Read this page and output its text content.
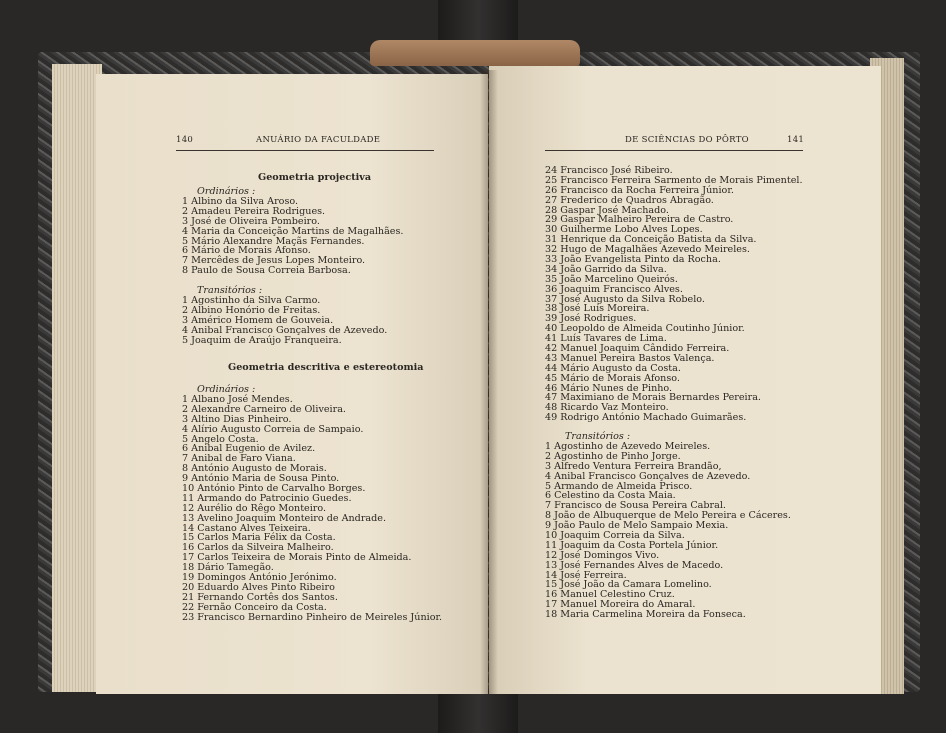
140	ANUÁRIO DA FACULDADE
Geometria projectiva
Ordinários :
1 Albino da Silva Aroso.
2 Amadeu Pereira Rodrigues.
3 José de Oliveira Pombeiro.
4 Maria da Conceição Martins de Magalhães.
5 Mário Alexandre Maçãs Fernandes.
6 Mário de Morais Afonso.
7 Mercêdes de Jesus Lopes Monteiro.
8 Paulo de Sousa Correia Barbosa.
Transitórios :
1 Agostinho da Silva Carmo.
2 Albino Honório de Freitas.
3 Américo Homem de Gouveia.
4 Anibal Francisco Gonçalves de Azevedo.
5 Joaquim de Araújo Franqueira.
Geometria descritiva e estereotomia
Ordinários :
1 Albano José Mendes.
2 Alexandre Carneiro de Oliveira.
3 Altino Dias Pinheiro.
4 Alírio Augusto Correia de Sampaio.
5 Angelo Costa.
6 Anibal Eugenio de Avilez.
7 Anibal de Faro Viana.
8 António Augusto de Morais.
9 António Maria de Sousa Pinto.
10 António Pinto de Carvalho Borges.
11 Armando do Patrocinio Guedes.
12 Aurélio do Rêgo Monteiro.
13 Avelino Joaquim Monteiro de Andrade.
14 Castano Alves Teixeira.
15 Carlos Maria Félix da Costa.
16 Carlos da Silveira Malheiro.
17 Carlos Teixeira de Morais Pinto de Almeida.
18 Dário Tamegão.
19 Domingos António Jerónimo.
20 Eduardo Alves Pinto Ribeiro
21 Fernando Cortês dos Santos.
22 Fernão Conceiro da Costa.
23 Francisco Bernardino Pinheiro de Meireles Júnior.
DE SCIÊNCIAS DO PÔRTO	141
24 Francisco José Ribeiro.
25 Francisco Ferreira Sarmento de Morais Pimentel.
26 Francisco da Rocha Ferreira Júnior.
27 Frederico de Quadros Abragão.
28 Gaspar José Machado.
29 Gaspar Malheiro Pereira de Castro.
30 Guilherme Lobo Alves Lopes.
31 Henrique da Conceição Batista da Silva.
32 Hugo de Magalhães Azevedo Meireles.
33 João Evangelista Pinto da Rocha.
34 João Garrido da Silva.
35 João Marcelino Queirós.
36 Joaquim Francisco Alves.
37 José Augusto da Silva Robelo.
38 José Luís Moreira.
39 José Rodrigues.
40 Leopoldo de Almeida Coutinho Júnior.
41 Luís Tavares de Lima.
42 Manuel Joaquim Cândido Ferreira.
43 Manuel Pereira Bastos Valença.
44 Mário Augusto da Costa.
45 Mário de Morais Afonso.
46 Mário Nunes de Pinho.
47 Maximiano de Morais Bernardes Pereira.
48 Ricardo Vaz Monteiro.
49 Rodrigo António Machado Guimarães.
Transitórios :
1 Agostinho de Azevedo Meireles.
2 Agostinho de Pinho Jorge.
3 Alfredo Ventura Ferreira Brandão,
4 Anibal Francisco Gonçalves de Azevedo.
5 Armando de Almeida Prisco.
6 Celestino da Costa Maia.
7 Francisco de Sousa Pereira Cabral.
8 João de Albuquerque de Melo Pereira e Cáceres.
9 João Paulo de Melo Sampaio Mexia.
10 Joaquim Correia da Silva.
11 Joaquim da Costa Portela Júnior.
12 José Domingos Vivo.
13 José Fernandes Alves de Macedo.
14 José Ferreira.
15 José João da Camara Lomelino.
16 Manuel Celestino Cruz.
17 Manuel Moreira do Amaral.
18 Maria Carmelina Moreira da Fonseca.
